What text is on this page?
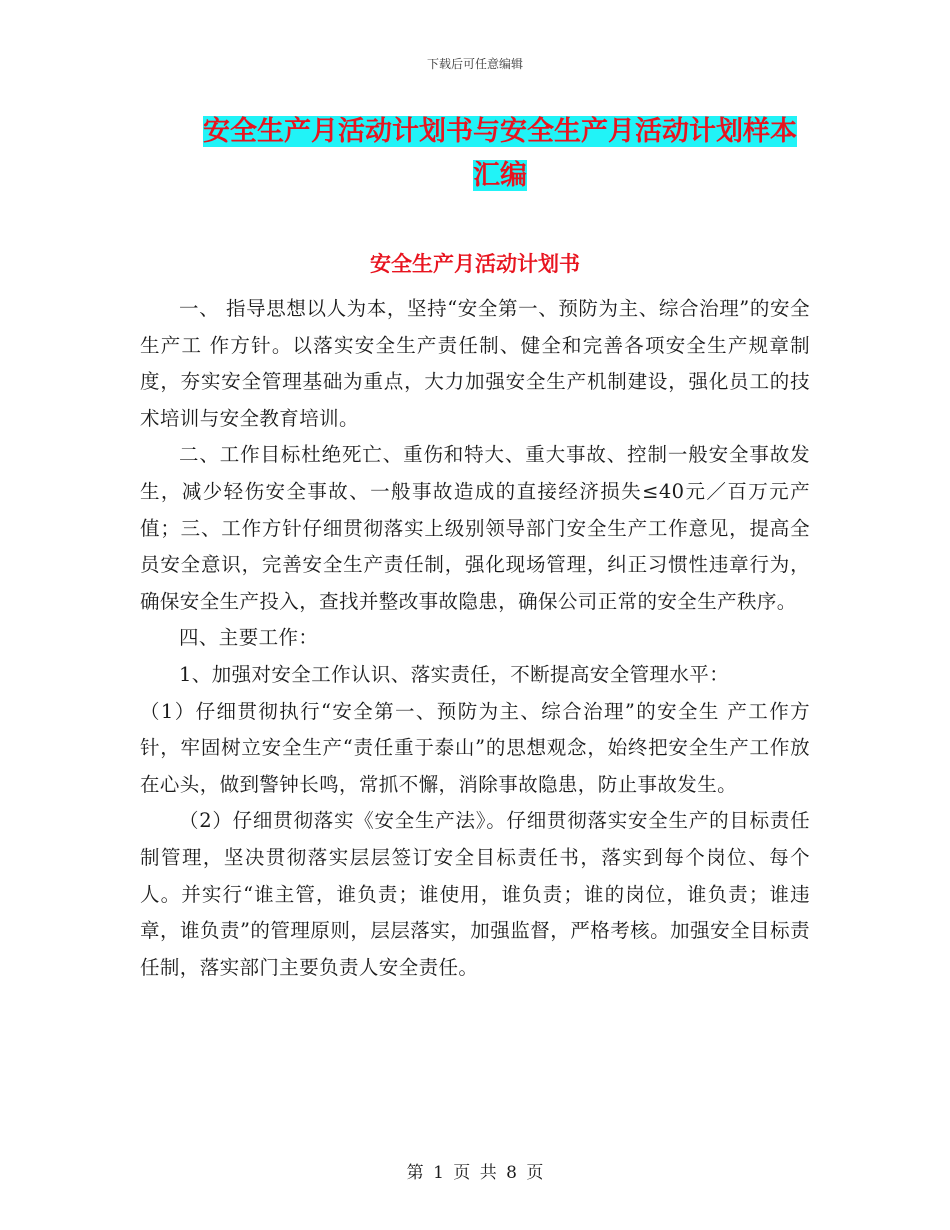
下载后可任意编辑
安全生产月活动计划书与安全生产月活动计划样本汇编
安全生产月活动计划书

一、 指导思想以人为本，坚持“安全第一、预防为主、综合治理”的安全生产工 作方针。以落实安全生产责任制、健全和完善各项安全生产规章制度，夯实安全管理基础为重点，大力加强安全生产机制建设，强化员工的技术培训与安全教育培训。

二、工作目标杜绝死亡、重伤和特大、重大事故、控制一般安全事故发生，减少轻伤安全事故、一般事故造成的直接经济损失≤40元／百万元产值；三、工作方针仔细贯彻落实上级别领导部门安全生产工作意见，提高全员安全意识，完善安全生产责任制，强化现场管理，纠正习惯性违章行为，确保安全生产投入，查找并整改事故隐患，确保公司正常的安全生产秩序。

四、主要工作：

1、加强对安全工作认识、落实责任，不断提高安全管理水平：

（1）仔细贯彻执行“安全第一、预防为主、综合治理”的安全生 产工作方针，牢固树立安全生产“责任重于泰山”的思想观念，始终把安全生产工作放在心头，做到警钟长鸣，常抓不懈，消除事故隐患，防止事故发生。

（2）仔细贯彻落实《安全生产法》。仔细贯彻落实安全生产的目标责任制管理，坚决贯彻落实层层签订安全目标责任书，落实到每个岗位、每个人。并实行“谁主管，谁负责；谁使用，谁负责；谁的岗位，谁负责；谁违章，谁负责”的管理原则，层层落实，加强监督，严格考核。加强安全目标责任制，落实部门主要负责人安全责任。

第 1 页 共 8 页
